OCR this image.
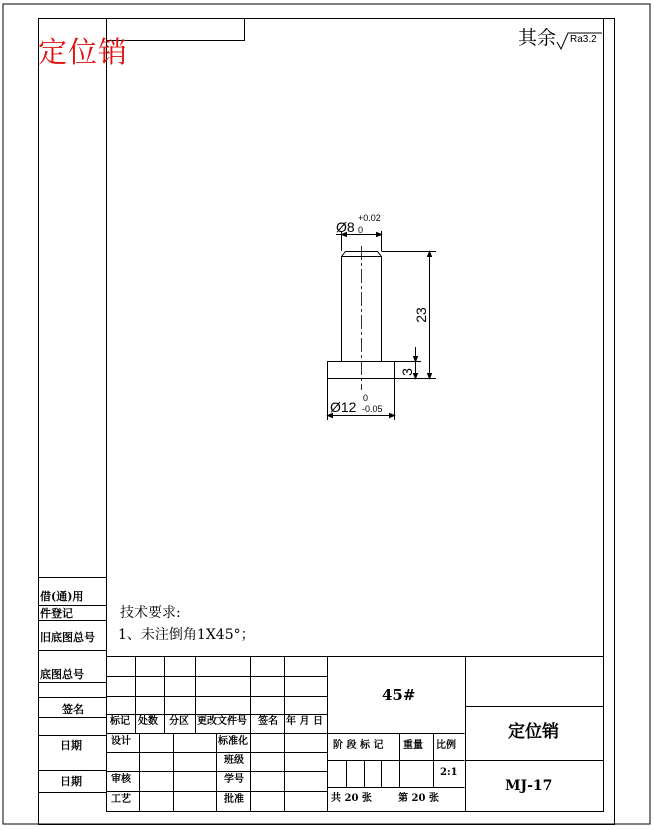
定位销	其余 Ra3.2
Ø8
+0.02
0
23
3
Ø12
0
-0.05
技术要求:
1、未注倒角1X45°；
借(通)用
件登记
旧底图总号
底图总号
签名
日期
日期
标记 处数 分区 更改文件号 签名 年 月 日
设计	标准化
班级
审核	学号
工艺	批准
45#
定位销
MJ-17
阶 段 标 记 重量 比例
2:1
共 20 张	第 20 张
